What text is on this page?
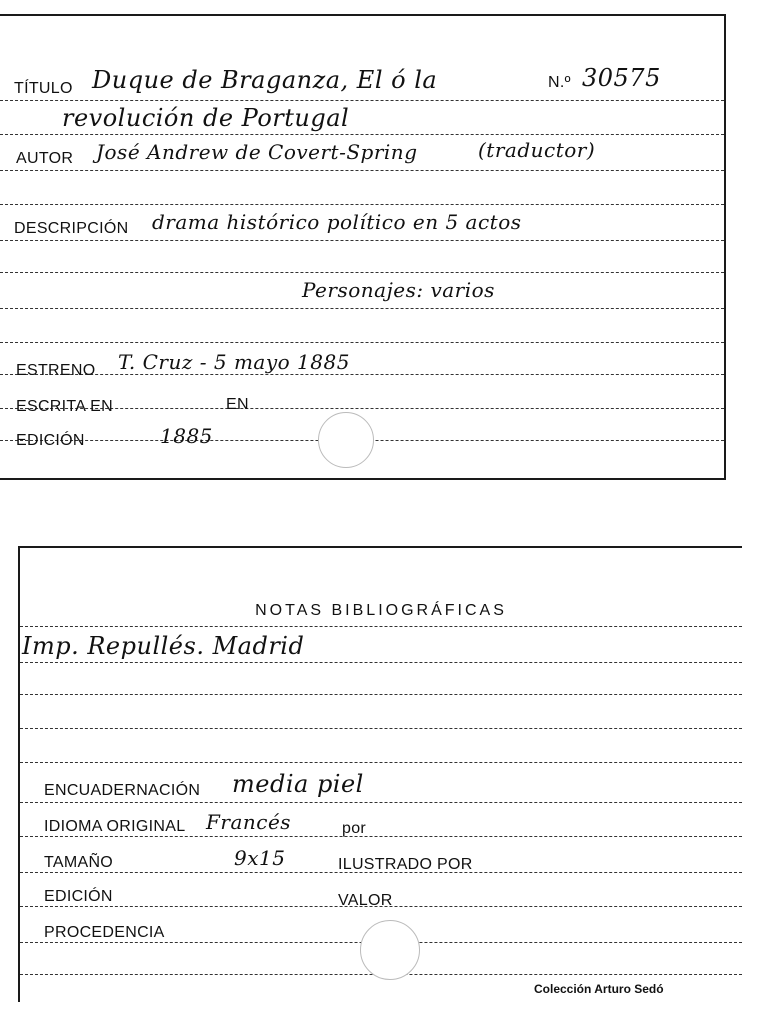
TÍTULO Duque de Braganza, El ó la	N.º 30575
revolución de Portugal
AUTOR José Andrew de Covert-Spring	(traductor)
DESCRIPCIÓN drama histórico político en 5 actos
Personajes: varios
ESTRENO T. Cruz - 5 mayo 1885
ESCRITA EN	EN
EDICIÓN	1885
NOTAS BIBLIOGRÁFICAS
Imp. Repullés. Madrid
ENCUADERNACIÓN media piel
IDIOMA ORIGINAL Francés	por
TAMAÑO	9x15	ILUSTRADO POR
EDICIÓN	VALOR
PROCEDENCIA
Colección Arturo Sedó
